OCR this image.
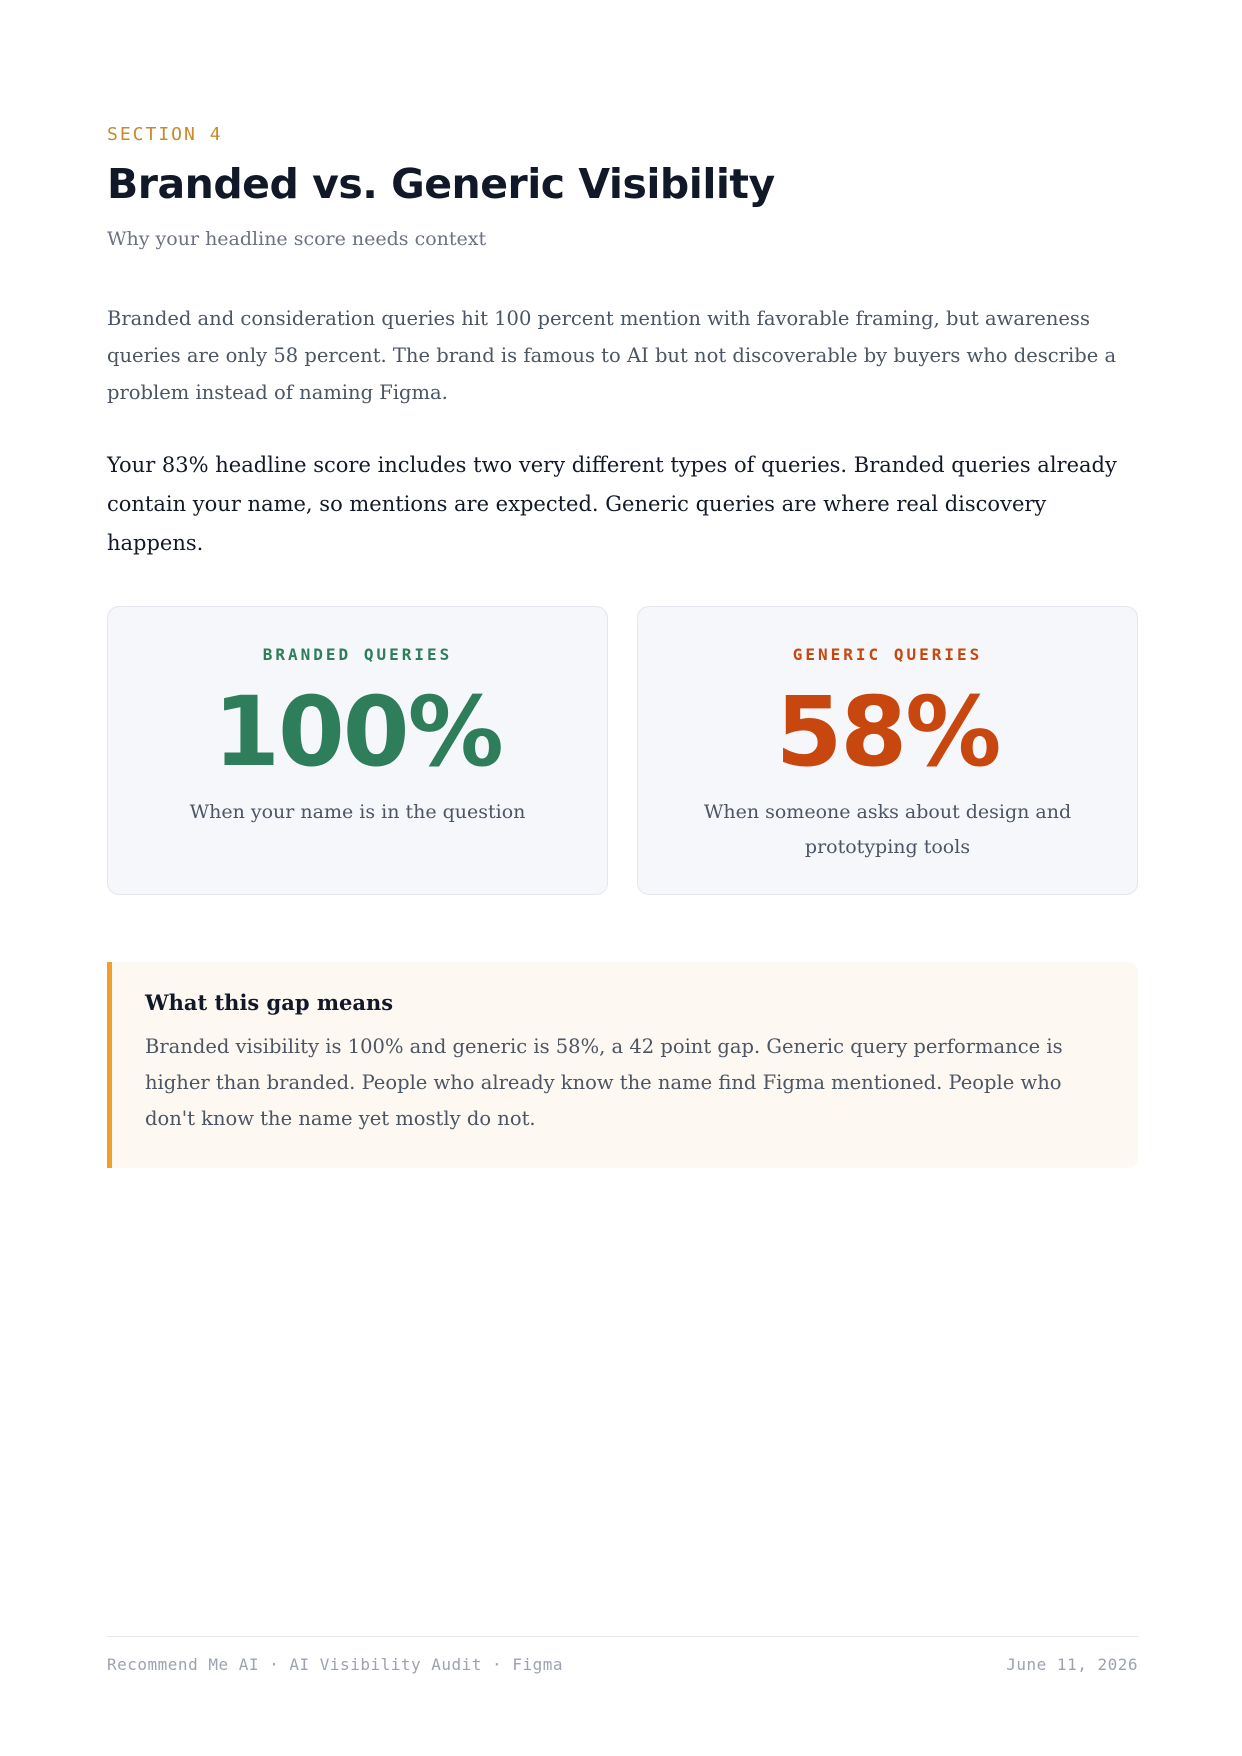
SECTION 4
Branded vs. Generic Visibility
Why your headline score needs context

Branded and consideration queries hit 100 percent mention with favorable framing, but awareness queries are only 58 percent. The brand is famous to AI but not discoverable by buyers who describe a problem instead of naming Figma.

Your 83% headline score includes two very different types of queries. Branded queries already contain your name, so mentions are expected. Generic queries are where real discovery happens.

BRANDED QUERIES
100%
When your name is in the question
GENERIC QUERIES
58%
When someone asks about design and prototyping tools

What this gap means

Branded visibility is 100% and generic is 58%, a 42 point gap. Generic query performance is higher than branded. People who already know the name find Figma mentioned. People who don't know the name yet mostly do not.

Recommend Me AI · AI Visibility Audit · Figma	June 11, 2026
